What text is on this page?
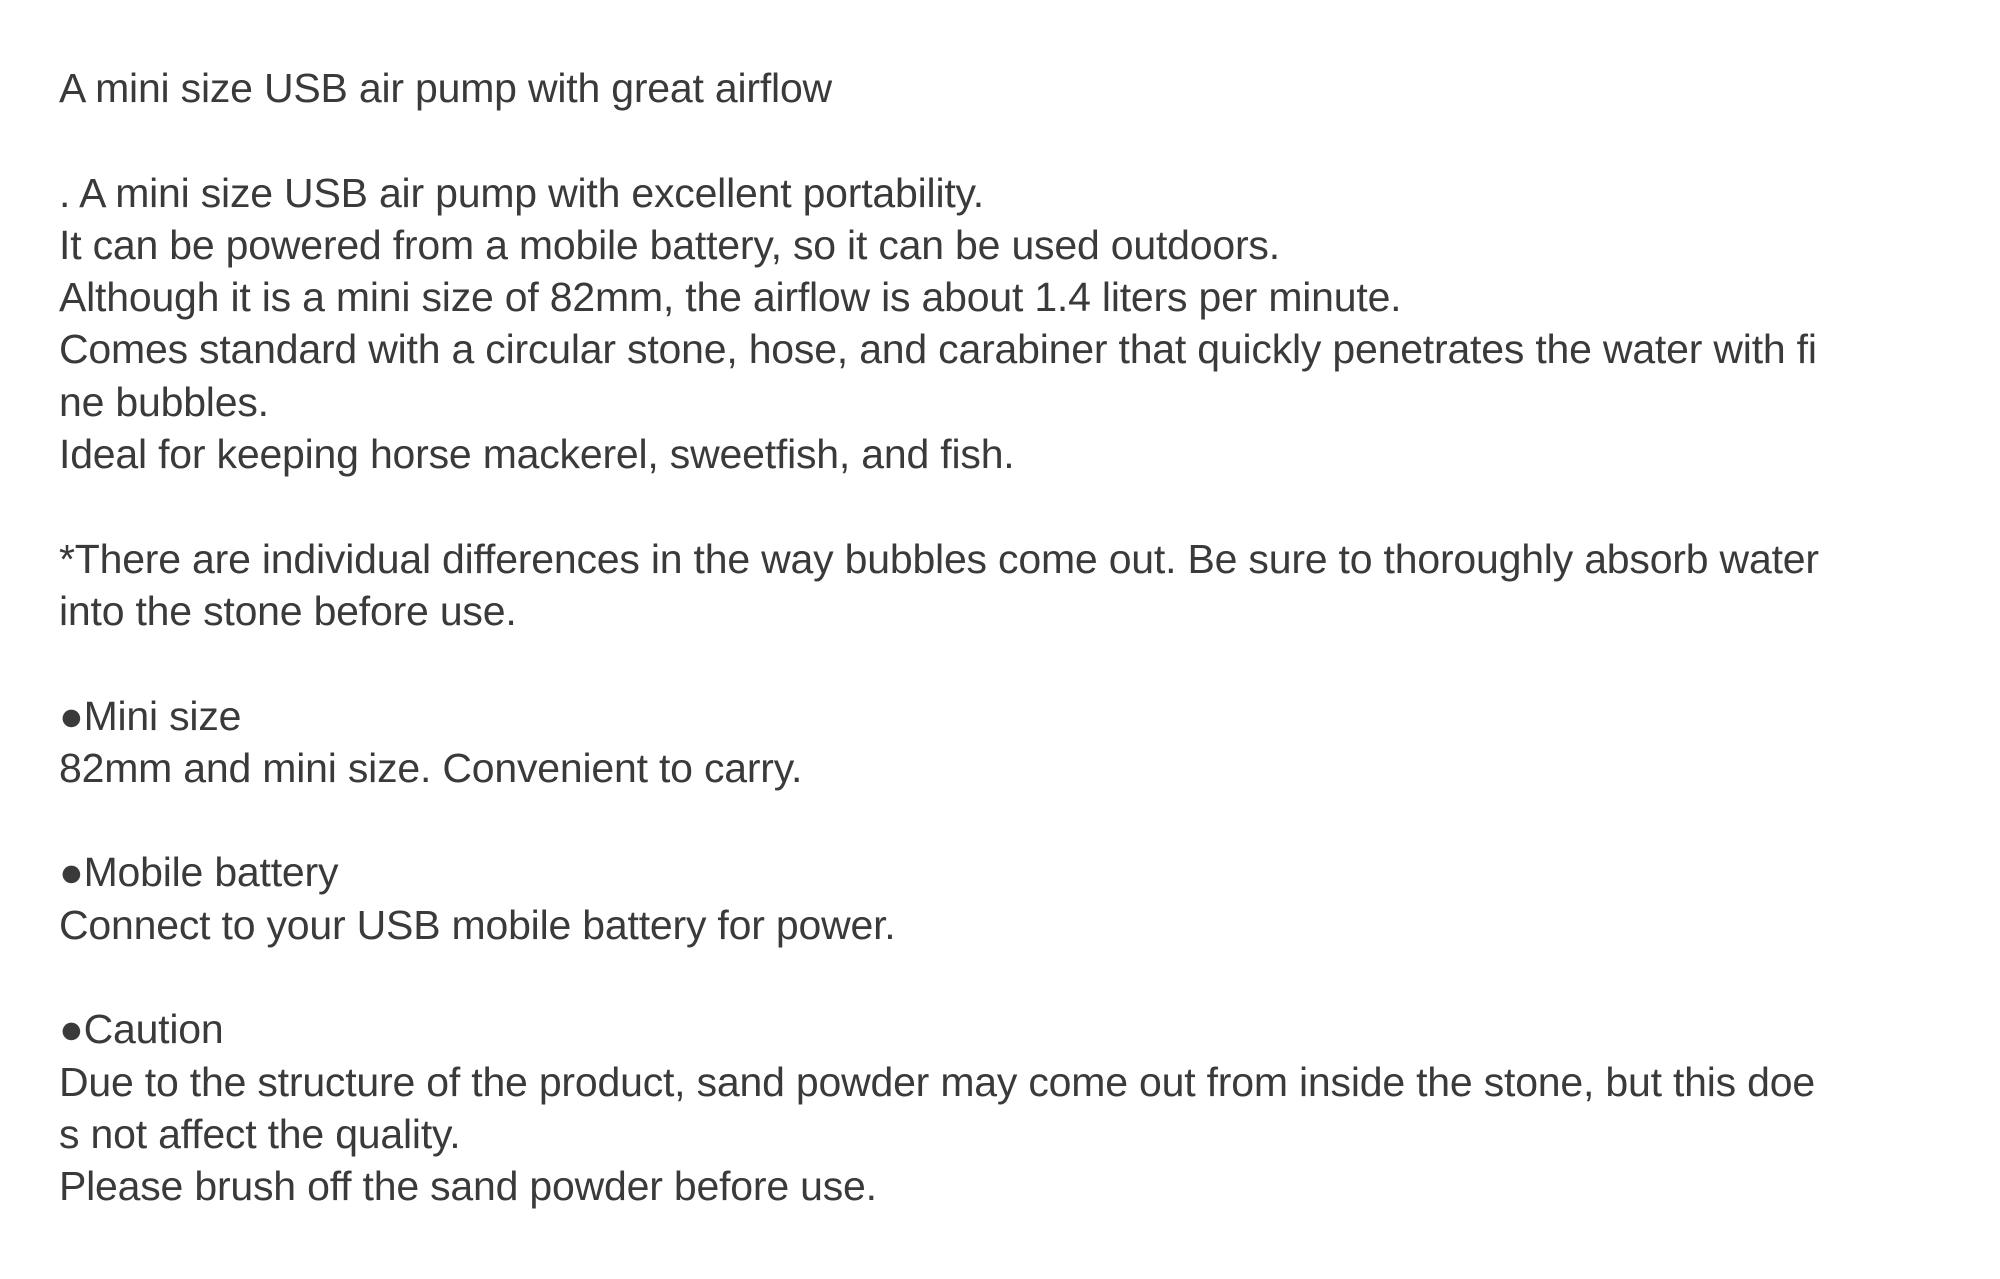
A mini size USB air pump with great airflow
. A mini size USB air pump with excellent portability.
It can be powered from a mobile battery, so it can be used outdoors.
Although it is a mini size of 82mm, the airflow is about 1.4 liters per minute.
Comes standard with a circular stone, hose, and carabiner that quickly penetrates the water with fi
ne bubbles.
Ideal for keeping horse mackerel, sweetfish, and fish.
*There are individual differences in the way bubbles come out. Be sure to thoroughly absorb water
into the stone before use.
●Mini size
82mm and mini size. Convenient to carry.
●Mobile battery
Connect to your USB mobile battery for power.
●Caution
Due to the structure of the product, sand powder may come out from inside the stone, but this doe
s not affect the quality.
Please brush off the sand powder before use.
